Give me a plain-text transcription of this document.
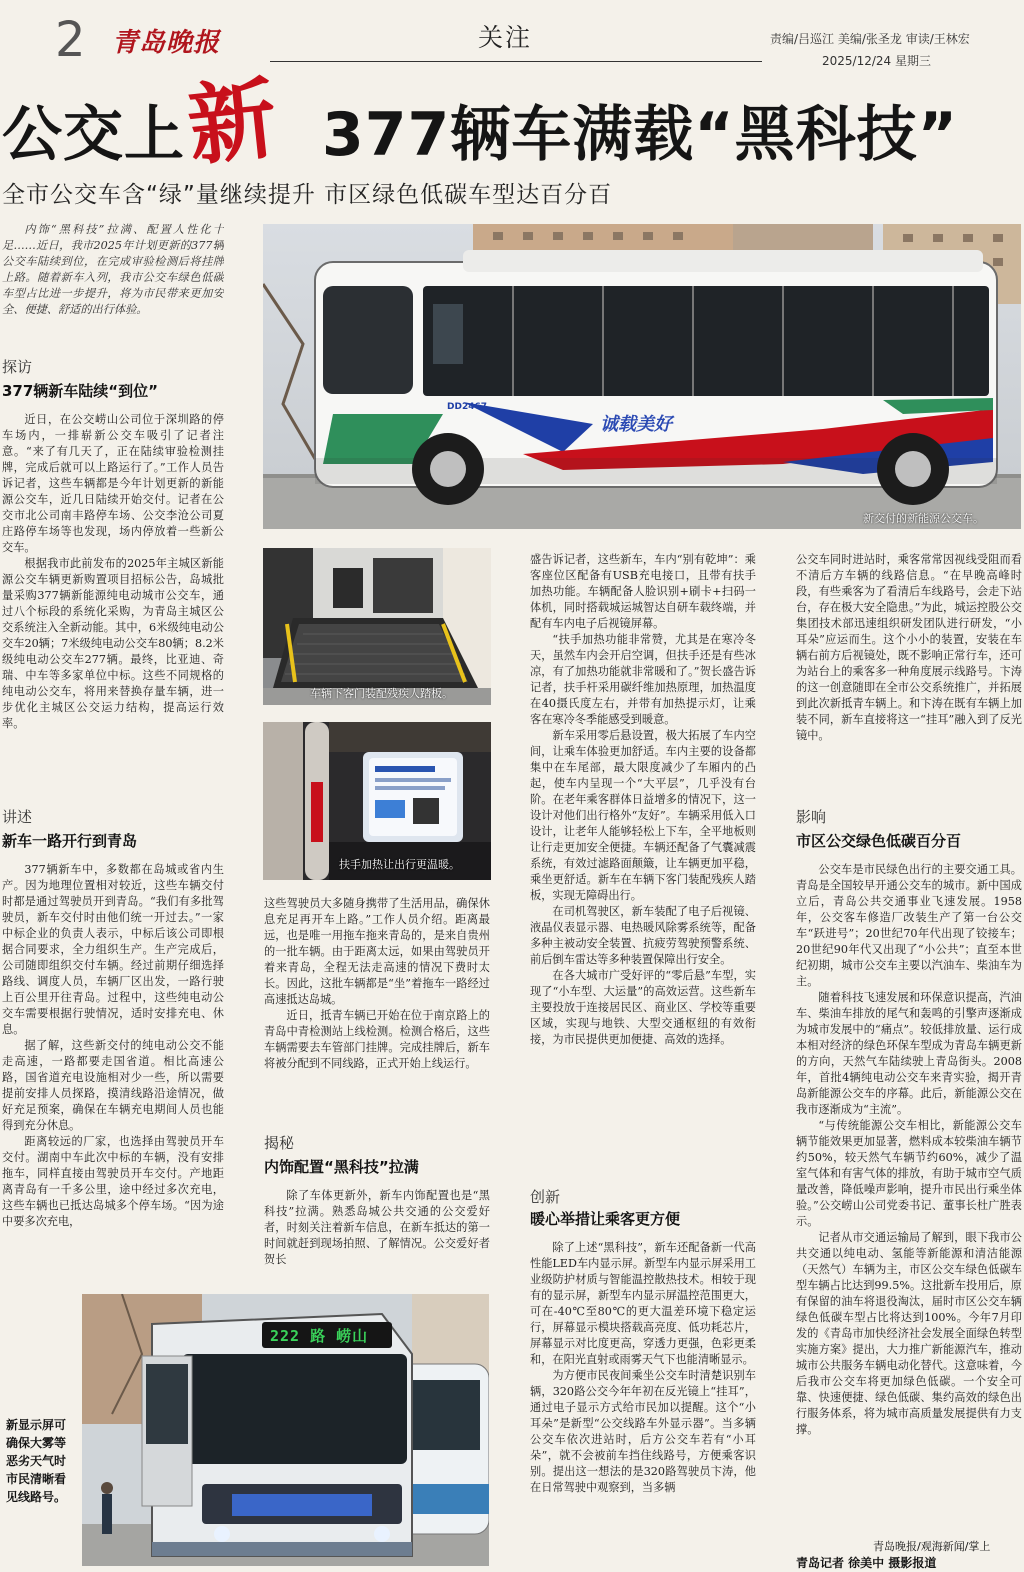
2 青岛晚报	关注	责编/吕巡江 美编/张圣龙 审读/王林宏
2025/12/24 星期三
公交上
新 377辆车满载“黑科技”
全市公交车含“绿”量继续提升 市区绿色低碳车型达百分百

内饰“黑科技”拉满、配置人性化十足……近日，我市2025年计划更新的377辆公交车陆续到位，在完成审验检测后将挂牌上路。随着新车入列，我市公交车绿色低碳车型占比进一步提升，将为市民带来更加安全、便捷、舒适的出行体验。

探访
377辆新车陆续“到位”

近日，在公交崂山公司位于深圳路的停车场内，一排崭新公交车吸引了记者注意。“来了有几天了，正在陆续审验检测挂牌，完成后就可以上路运行了。”工作人员告诉记者，这些车辆都是今年计划更新的新能源公交车，近几日陆续开始交付。记者在公交市北公司南丰路停车场、公交李沧公司夏庄路停车场等也发现，场内停放着一些新公交车。

根据我市此前发布的2025年主城区新能源公交车辆更新购置项目招标公告，岛城批量采购377辆新能源纯电动城市公交车，通过八个标段的系统化采购，为青岛主城区公交系统注入全新动能。其中，6米级纯电动公交车20辆；7米级纯电动公交车80辆；8.2米级纯电动公交车277辆。最终，比亚迪、奇瑞、中车等多家单位中标。这些不同规格的纯电动公交车，将用来替换存量车辆，进一步优化主城区公交运力结构，提高运行效率。

讲述
新车一路开行到青岛

377辆新车中，多数都在岛城或省内生产。因为地理位置相对较近，这些车辆交付时都是通过驾驶员开到青岛。“我们有多批驾驶员，新车交付时由他们统一开过去。”一家中标企业的负责人表示，中标后该公司即根据合同要求，全力组织生产。生产完成后，公司随即组织交付车辆。经过前期仔细选择路线、调度人员，车辆厂区出发，一路行驶上百公里开往青岛。过程中，这些纯电动公交车需要根据行驶情况，适时安排充电、休息。

据了解，这些新交付的纯电动公交不能走高速，一路都要走国省道。相比高速公路，国省道充电设施相对少一些，所以需要提前安排人员探路，摸清线路沿途情况，做好充足预案，确保在车辆充电期间人员也能得到充分休息。

距离较远的厂家，也选择由驾驶员开车交付。湖南中车此次中标的车辆，没有安排拖车，同样直接由驾驶员开车交付。产地距离青岛有一千多公里，途中经过多次充电，这些车辆也已抵达岛城多个停车场。“因为途中要多次充电，

诚载美好
DD2467
新交付的新能源公交车。
车辆下客门装配残疾人踏板。
扶手加热让出行更温暖。

这些驾驶员大多随身携带了生活用品，确保休息充足再开车上路。”工作人员介绍。距离最远，也是唯一用拖车拖来青岛的，是来自贵州的一批车辆。由于距离太远，如果由驾驶员开着来青岛，全程无法走高速的情况下费时太长。因此，这批车辆都是“坐”着拖车一路经过高速抵达岛城。

近日，抵青车辆已开始在位于南京路上的青岛中青检测站上线检测。检测合格后，这些车辆需要去车管部门挂牌。完成挂牌后，新车将被分配到不同线路，正式开始上线运行。

揭秘
内饰配置“黑科技”拉满

除了车体更新外，新车内饰配置也是“黑科技”拉满。熟悉岛城公共交通的公交爱好者，时刻关注着新车信息，在新车抵达的第一时间就赶到现场拍照、了解情况。公交爱好者贺长

盛告诉记者，这些新车，车内“别有乾坤”：乘客座位区配备有USB充电接口，且带有扶手加热功能。车辆配备人脸识别+刷卡+扫码一体机，同时搭载城运城智达自研车载终端，并配有车内电子后视镜屏幕。

“扶手加热功能非常赞，尤其是在寒冷冬天，虽然车内会开启空调，但扶手还是有些冰凉，有了加热功能就非常暖和了。”贺长盛告诉记者，扶手杆采用碳纤维加热原理，加热温度在40摄氏度左右，并带有加热提示灯，让乘客在寒冷冬季能感受到暖意。

新车采用零后悬设置，极大拓展了车内空间，让乘车体验更加舒适。车内主要的设备都集中在车尾部，最大限度减少了车厢内的凸起，使车内呈现一个“大平层”，几乎没有台阶。在老年乘客群体日益增多的情况下，这一设计对他们出行格外“友好”。车辆采用低入口设计，让老年人能够轻松上下车，全平地板则让行走更加安全便捷。车辆还配备了气囊减震系统，有效过滤路面颠簸，让车辆更加平稳，乘坐更舒适。新车在车辆下客门装配残疾人踏板，实现无障碍出行。

在司机驾驶区，新车装配了电子后视镜、液晶仪表显示器、电热暖风除雾系统等，配备多种主被动安全装置、抗疲劳驾驶预警系统、前后倒车雷达等多种装置保障出行安全。

在各大城市广受好评的“零后悬”车型，实现了“小车型、大运量”的高效运营。这些新车主要投放于连接居民区、商业区、学校等重要区域，实现与地铁、大型交通枢纽的有效衔接，为市民提供更加便捷、高效的选择。

创新
暖心举措让乘客更方便

除了上述“黑科技”，新车还配备新一代高性能LED车内显示屏。新型车内显示屏采用工业级防护材质与智能温控散热技术。相较于现有的显示屏，新型车内显示屏温控范围更大，可在-40℃至80℃的更大温差环境下稳定运行，屏幕显示模块搭载高亮度、低功耗芯片，屏幕显示对比度更高，穿透力更强，色彩更柔和，在阳光直射或雨雾天气下也能清晰显示。

为方便市民夜间乘坐公交车时清楚识别车辆，320路公交今年年初在反光镜上“挂耳”，通过电子显示方式给市民加以提醒。这个“小耳朵”是新型“公交线路车外显示器”。当多辆公交车依次进站时，后方公交车若有“小耳朵”，就不会被前车挡住线路号，方便乘客识别。提出这一想法的是320路驾驶员卞涛，他在日常驾驶中观察到，当多辆

公交车同时进站时，乘客常常因视线受阻而看不清后方车辆的线路信息。“在早晚高峰时段，有些乘客为了看清后车线路号，会走下站台，存在极大安全隐患。”为此，城运控股公交集团技术部迅速组织研发团队进行研发，“小耳朵”应运而生。这个小小的装置，安装在车辆右前方后视镜处，既不影响正常行车，还可为站台上的乘客多一种角度展示线路号。卞涛的这一创意随即在全市公交系统推广，并拓展到此次新抵青车辆上。和卞涛在既有车辆上加装不同，新车直接将这一“挂耳”融入到了反光镜中。

影响
市区公交绿色低碳百分百

公交车是市民绿色出行的主要交通工具。青岛是全国较早开通公交车的城市。新中国成立后，青岛公共交通事业飞速发展。1958年，公交客车修造厂改装生产了第一台公交车“跃进号”；20世纪70年代出现了铰接车；20世纪90年代又出现了“小公共”；直至本世纪初期，城市公交车主要以汽油车、柴油车为主。

随着科技飞速发展和环保意识提高，汽油车、柴油车排放的尾气和轰鸣的引擎声逐渐成为城市发展中的“痛点”。较低排放量、运行成本相对经济的绿色环保车型成为青岛车辆更新的方向，天然气车陆续驶上青岛街头。2008年，首批4辆纯电动公交车来青实验，揭开青岛新能源公交车的序幕。此后，新能源公交在我市逐渐成为“主流”。

“与传统能源公交车相比，新能源公交车辆节能效果更加显著，燃料成本较柴油车辆节约50%，较天然气车辆节约60%，减少了温室气体和有害气体的排放，有助于城市空气质量改善，降低噪声影响，提升市民出行乘坐体验。”公交崂山公司党委书记、董事长杜广胜表示。

记者从市交通运输局了解到，眼下我市公共交通以纯电动、氢能等新能源和清洁能源（天然气）车辆为主，市区公交车绿色低碳车型车辆占比达到99.5%。这批新车投用后，原有保留的油车将退役淘汰，届时市区公交车辆绿色低碳车型占比将达到100%。今年7月印发的《青岛市加快经济社会发展全面绿色转型实施方案》提出，大力推广新能源汽车，推动城市公共服务车辆电动化替代。这意味着，今后我市公交车将更加绿色低碳。一个安全可靠、快速便捷、绿色低碳、集约高效的绿色出行服务体系，将为城市高质量发展提供有力支撑。

青岛晚报/观海新闻/掌上
青岛记者 徐美中 摄影报道
222 路 崂山
新显示屏可确保大雾等恶劣天气时市民清晰看见线路号。
